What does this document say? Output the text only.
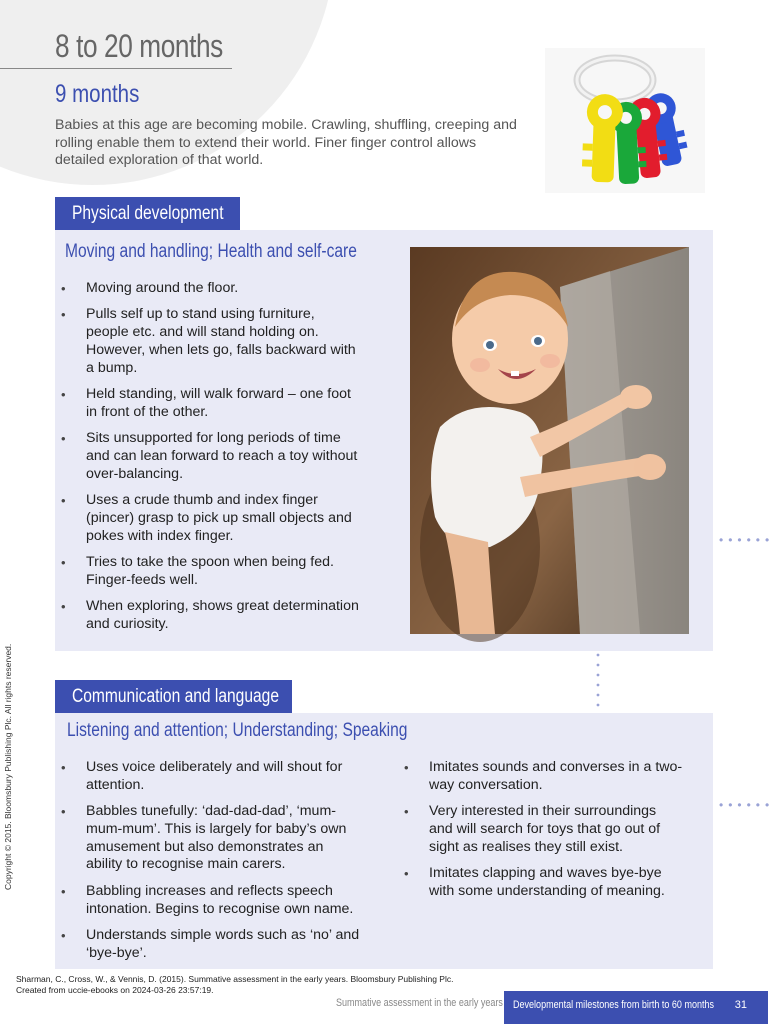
8 to 20 months
9 months

Babies at this age are becoming mobile. Crawling, shuffling, creeping and rolling enable them to extend their world. Finer finger control allows detailed exploration of that world.

Physical development
Moving and handling; Health and self-care
• Moving around the floor.
• Pulls self up to stand using furniture, people etc. and will stand holding on. However, when lets go, falls backward with a bump.
• Held standing, will walk forward – one foot in front of the other.
• Sits unsupported for long periods of time and can lean forward to reach a toy without over-balancing.
• Uses a crude thumb and index finger (pincer) grasp to pick up small objects and pokes with index finger.
• Tries to take the spoon when being fed. Finger-feeds well.
• When exploring, shows great determination and curiosity.
••••••
••••••
Communication and language
Listening and attention; Understanding; Speaking
• Uses voice deliberately and will shout for attention.
• Babbles tunefully: ‘dad-dad-dad’, ‘mum-mum-mum’. This is largely for baby’s own amusement but also demonstrates an ability to recognise main carers.
• Babbling increases and reflects speech intonation. Begins to recognise own name.
• Understands simple words such as ‘no’ and ‘bye-bye’.
• Imitates sounds and converses in a two-way conversation.
• Very interested in their surroundings and will search for toys that go out of sight as realises they still exist.
• Imitates clapping and waves bye-bye with some understanding of meaning.
Copyright © 2015. Bloomsbury Publishing Plc. All rights reserved.
Sharman, C., Cross, W., & Vennis, D. (2015). Summative assessment in the early years. Bloomsbury Publishing Plc.
Created from uccie-ebooks on 2024-03-26 23:57:19.
Summative assessment in the early years Developmental milestones from birth to 60 months 31
